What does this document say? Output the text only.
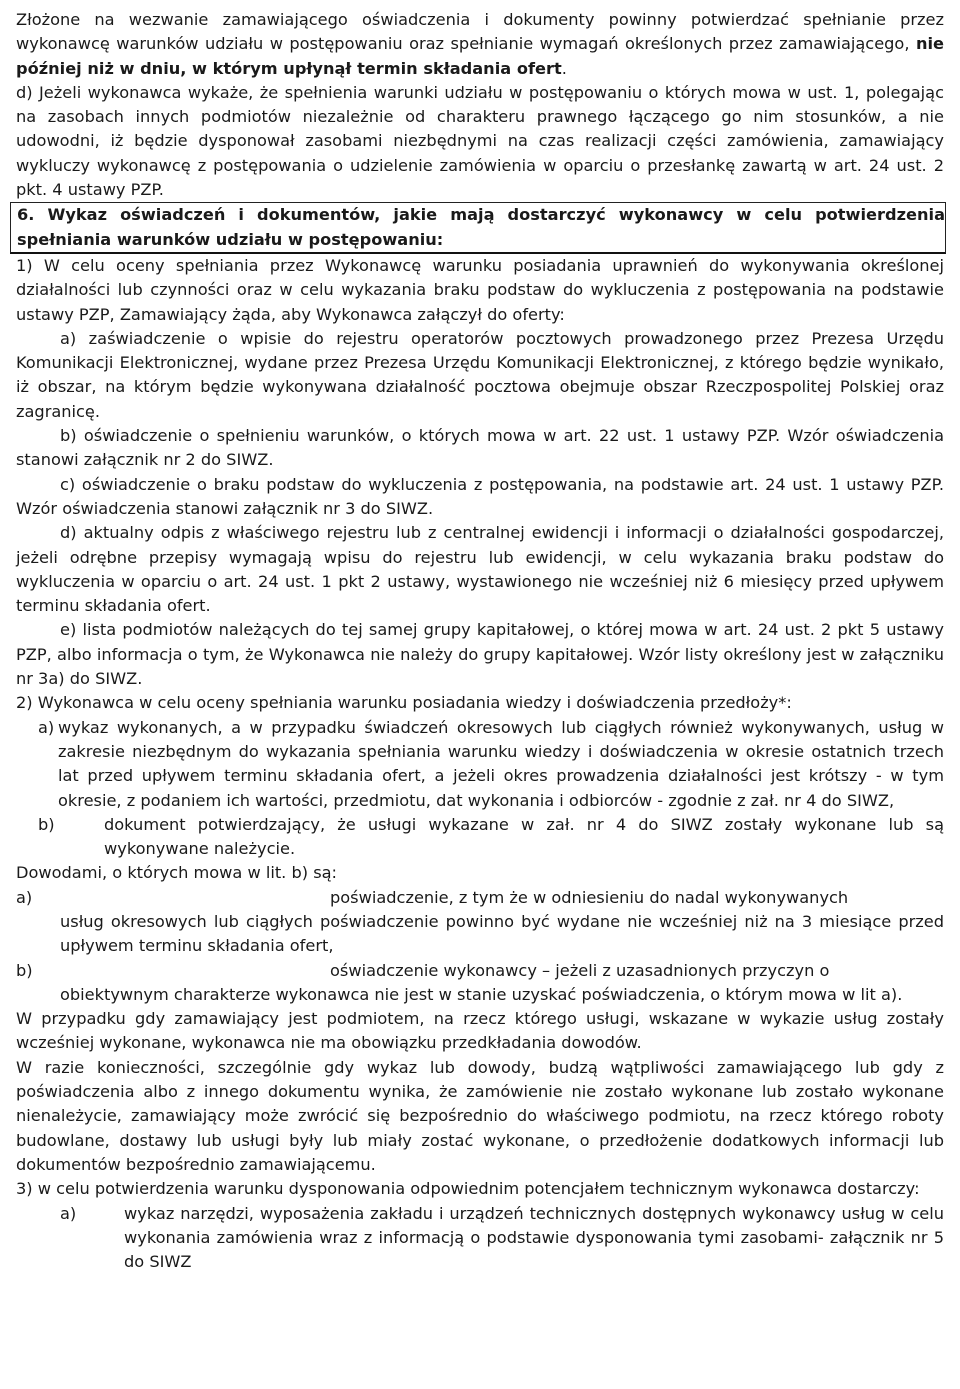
Złożone na wezwanie zamawiającego oświadczenia i dokumenty powinny potwierdzać spełnianie przez wykonawcę warunków udziału w postępowaniu oraz spełnianie wymagań określonych przez zamawiającego, nie później niż w dniu, w którym upłynął termin składania ofert.

d) Jeżeli wykonawca wykaże, że spełnienia warunki udziału w postępowaniu o których mowa w ust. 1, polegając na zasobach innych podmiotów niezależnie od charakteru prawnego łączącego go nim stosunków, a nie udowodni, iż będzie dysponował zasobami niezbędnymi na czas realizacji części zamówienia, zamawiający wykluczy wykonawcę z postępowania o udzielenie zamówienia w oparciu o przesłankę zawartą w art. 24 ust. 2 pkt. 4 ustawy PZP.

6. Wykaz oświadczeń i dokumentów, jakie mają dostarczyć wykonawcy w celu potwierdzenia spełniania warunków udziału w postępowaniu:

1) W celu oceny spełniania przez Wykonawcę warunku posiadania uprawnień do wykonywania określonej działalności lub czynności oraz w celu wykazania braku podstaw do wykluczenia z postępowania na podstawie ustawy PZP, Zamawiający żąda, aby Wykonawca załączył do oferty:

a) zaświadczenie o wpisie do rejestru operatorów pocztowych prowadzonego przez Prezesa Urzędu Komunikacji Elektronicznej, wydane przez Prezesa Urzędu Komunikacji Elektronicznej, z którego będzie wynikało, iż obszar, na którym będzie wykonywana działalność pocztowa obejmuje obszar Rzeczpospolitej Polskiej oraz zagranicę.

b) oświadczenie o spełnieniu warunków, o których mowa w art. 22 ust. 1 ustawy PZP. Wzór oświadczenia stanowi załącznik nr 2 do SIWZ.

c) oświadczenie o braku podstaw do wykluczenia z postępowania, na podstawie art. 24 ust. 1 ustawy PZP. Wzór oświadczenia stanowi załącznik nr 3 do SIWZ.

d) aktualny odpis z właściwego rejestru lub z centralnej ewidencji i informacji o działalności gospodarczej, jeżeli odrębne przepisy wymagają wpisu do rejestru lub ewidencji, w celu wykazania braku podstaw do wykluczenia w oparciu o art. 24 ust. 1 pkt 2 ustawy, wystawionego nie wcześniej niż 6 miesięcy przed upływem terminu składania ofert.

e) lista podmiotów należących do tej samej grupy kapitałowej, o której mowa w art. 24 ust. 2 pkt 5 ustawy PZP, albo informacja o tym, że Wykonawca nie należy do grupy kapitałowej. Wzór listy określony jest w załączniku nr 3a) do SIWZ.

2) Wykonawca w celu oceny spełniania warunku posiadania wiedzy i doświadczenia przedłoży*:

a) wykaz wykonanych, a w przypadku świadczeń okresowych lub ciągłych również wykonywanych, usług w zakresie niezbędnym do wykazania spełniania warunku wiedzy i doświadczenia w okresie ostatnich trzech lat przed upływem terminu składania ofert, a jeżeli okres prowadzenia działalności jest krótszy - w tym okresie, z podaniem ich wartości, przedmiotu, dat wykonania i odbiorców - zgodnie z zał. nr 4 do SIWZ,
b)	dokument potwierdzający, że usługi wykazane w zał. nr 4 do SIWZ zostały wykonane lub są wykonywane należycie.

Dowodami, o których mowa w lit. b) są:

a)	poświadczenie, z tym że w odniesieniu do nadal wykonywanych
usług okresowych lub ciągłych poświadczenie powinno być wydane nie wcześniej niż na 3 miesiące przed upływem terminu składania ofert,
b)	oświadczenie wykonawcy – jeżeli z uzasadnionych przyczyn o
obiektywnym charakterze wykonawca nie jest w stanie uzyskać poświadczenia, o którym mowa w lit a).

W przypadku gdy zamawiający jest podmiotem, na rzecz którego usługi, wskazane w wykazie usług zostały wcześniej wykonane, wykonawca nie ma obowiązku przedkładania dowodów.

W razie konieczności, szczególnie gdy wykaz lub dowody, budzą wątpliwości zamawiającego lub gdy z poświadczenia albo z innego dokumentu wynika, że zamówienie nie zostało wykonane lub zostało wykonane nienależycie, zamawiający może zwrócić się bezpośrednio do właściwego podmiotu, na rzecz którego roboty budowlane, dostawy lub usługi były lub miały zostać wykonane, o przedłożenie dodatkowych informacji lub dokumentów bezpośrednio zamawiającemu.

3) w celu potwierdzenia warunku dysponowania odpowiednim potencjałem technicznym wykonawca dostarczy:

a)	wykaz narzędzi, wyposażenia zakładu i urządzeń technicznych dostępnych wykonawcy usług w celu wykonania zamówienia wraz z informacją o podstawie dysponowania tymi zasobami- załącznik nr 5 do SIWZ
